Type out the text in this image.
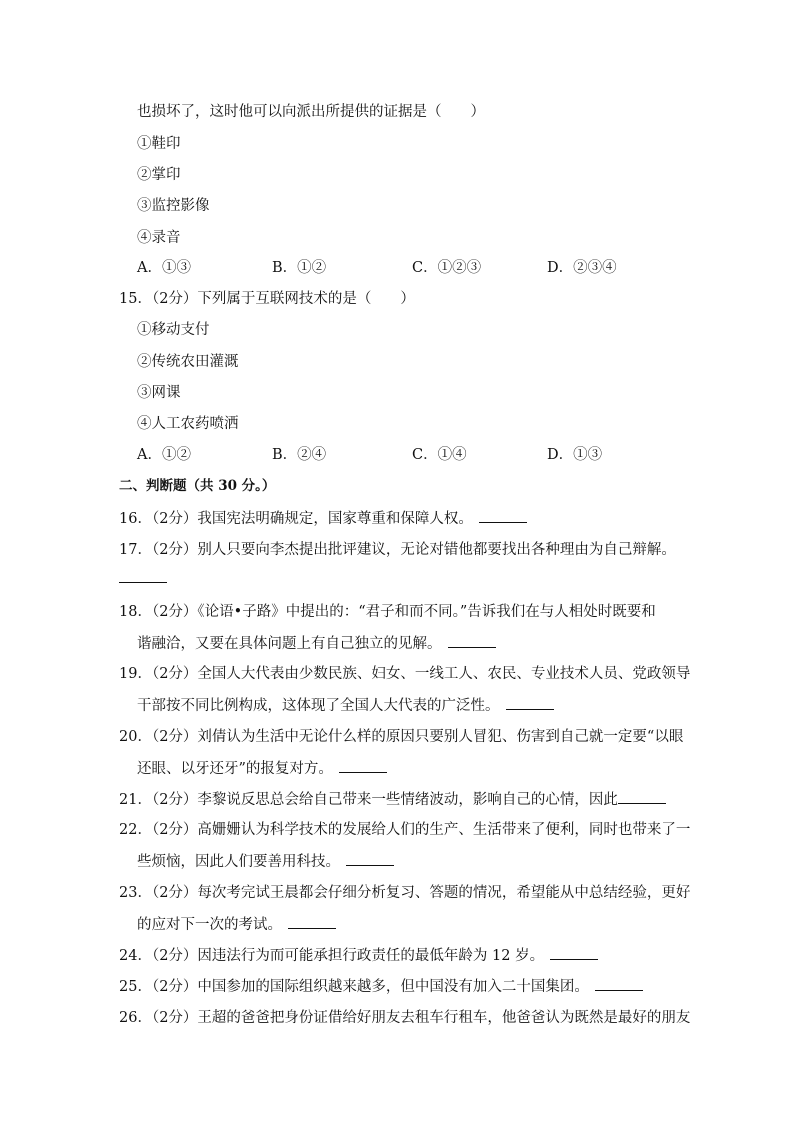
也损坏了，这时他可以向派出所提供的证据是（　　）
①鞋印
②掌印
③监控影像
④录音
A．①③	B．①②	C．①②③	D．②③④
15．（2分）下列属于互联网技术的是（　　）
①移动支付
②传统农田灌溉
③网课
④人工农药喷洒
A．①②	B．②④	C．①④	D．①③
二、判断题（共 30 分。）
16．（2分）我国宪法明确规定，国家尊重和保障人权。
17．（2分）别人只要向李杰提出批评建议，无论对错他都要找出各种理由为自己辩解。
18．（2分）《论语•子路》中提出的：“君子和而不同。”告诉我们在与人相处时既要和
谐融洽，又要在具体问题上有自己独立的见解。
19．（2分）全国人大代表由少数民族、妇女、一线工人、农民、专业技术人员、党政领导
干部按不同比例构成，这体现了全国人大代表的广泛性。
20．（2分）刘倩认为生活中无论什么样的原因只要别人冒犯、伤害到自己就一定要“以眼
还眼、以牙还牙”的报复对方。
21．（2分）李黎说反思总会给自己带来一些情绪波动，影响自己的心情，因此
22．（2分）高姗姗认为科学技术的发展给人们的生产、生活带来了便利，同时也带来了一
些烦恼，因此人们要善用科技。
23．（2分）每次考完试王晨都会仔细分析复习、答题的情况，希望能从中总结经验，更好
的应对下一次的考试。
24．（2分）因违法行为而可能承担行政责任的最低年龄为 12 岁。
25．（2分）中国参加的国际组织越来越多，但中国没有加入二十国集团。
26．（2分）王超的爸爸把身份证借给好朋友去租车行租车，他爸爸认为既然是最好的朋友
